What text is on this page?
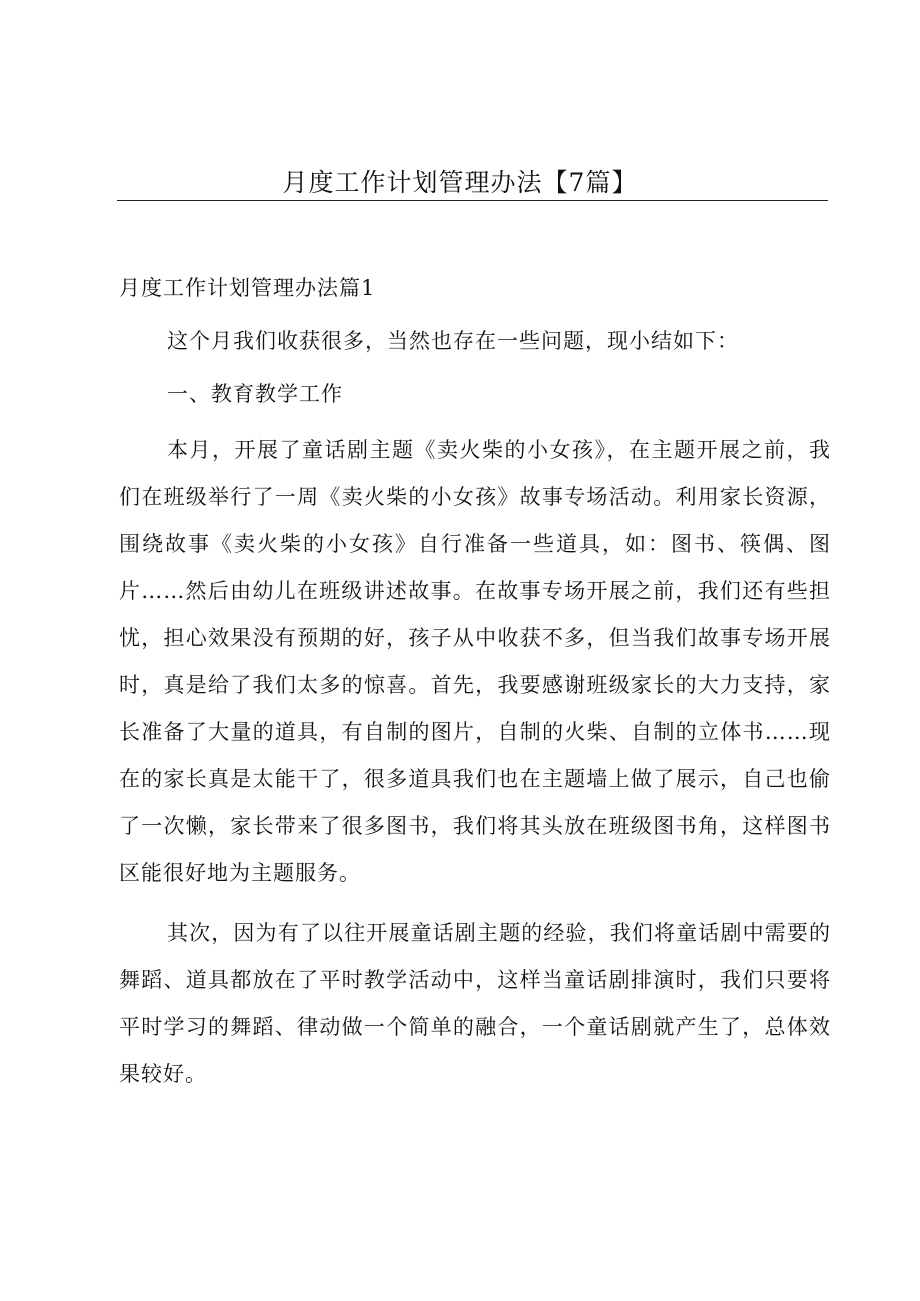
月度工作计划管理办法【7篇】

月度工作计划管理办法篇1

这个月我们收获很多，当然也存在一些问题，现小结如下：

一、教育教学工作

本月，开展了童话剧主题《卖火柴的小女孩》，在主题开展之前，我们在班级举行了一周《卖火柴的小女孩》故事专场活动。利用家长资源，围绕故事《卖火柴的小女孩》自行准备一些道具，如：图书、筷偶、图片……然后由幼儿在班级讲述故事。在故事专场开展之前，我们还有些担忧，担心效果没有预期的好，孩子从中收获不多，但当我们故事专场开展时，真是给了我们太多的惊喜。首先，我要感谢班级家长的大力支持，家长准备了大量的道具，有自制的图片，自制的火柴、自制的立体书……现在的家长真是太能干了，很多道具我们也在主题墙上做了展示，自己也偷了一次懒，家长带来了很多图书，我们将其头放在班级图书角，这样图书区能很好地为主题服务。

其次，因为有了以往开展童话剧主题的经验，我们将童话剧中需要的舞蹈、道具都放在了平时教学活动中，这样当童话剧排演时，我们只要将平时学习的舞蹈、律动做一个简单的融合，一个童话剧就产生了，总体效果较好。
